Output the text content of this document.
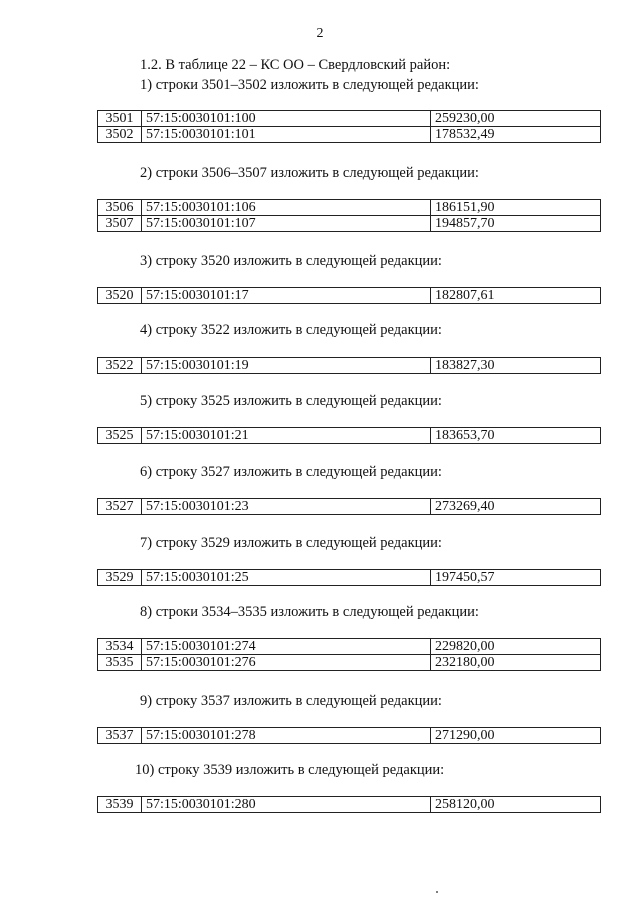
2
1.2. В таблице 22 – КС ОО – Свердловский район:
1) строки 3501–3502 изложить в следующей редакции:
3501	57:15:0030101:100	259230,00
3502	57:15:0030101:101	178532,49
2) строки 3506–3507 изложить в следующей редакции:
3506	57:15:0030101:106	186151,90
3507	57:15:0030101:107	194857,70
3) строку 3520 изложить в следующей редакции:
3520	57:15:0030101:17	182807,61
4) строку 3522 изложить в следующей редакции:
3522	57:15:0030101:19	183827,30
5) строку 3525 изложить в следующей редакции:
3525	57:15:0030101:21	183653,70
6) строку 3527 изложить в следующей редакции:
3527	57:15:0030101:23	273269,40
7) строку 3529 изложить в следующей редакции:
3529	57:15:0030101:25	197450,57
8) строки 3534–3535 изложить в следующей редакции:
3534	57:15:0030101:274	229820,00
3535	57:15:0030101:276	232180,00
9) строку 3537 изложить в следующей редакции:
3537	57:15:0030101:278	271290,00
10) строку 3539 изложить в следующей редакции:
3539	57:15:0030101:280	258120,00
